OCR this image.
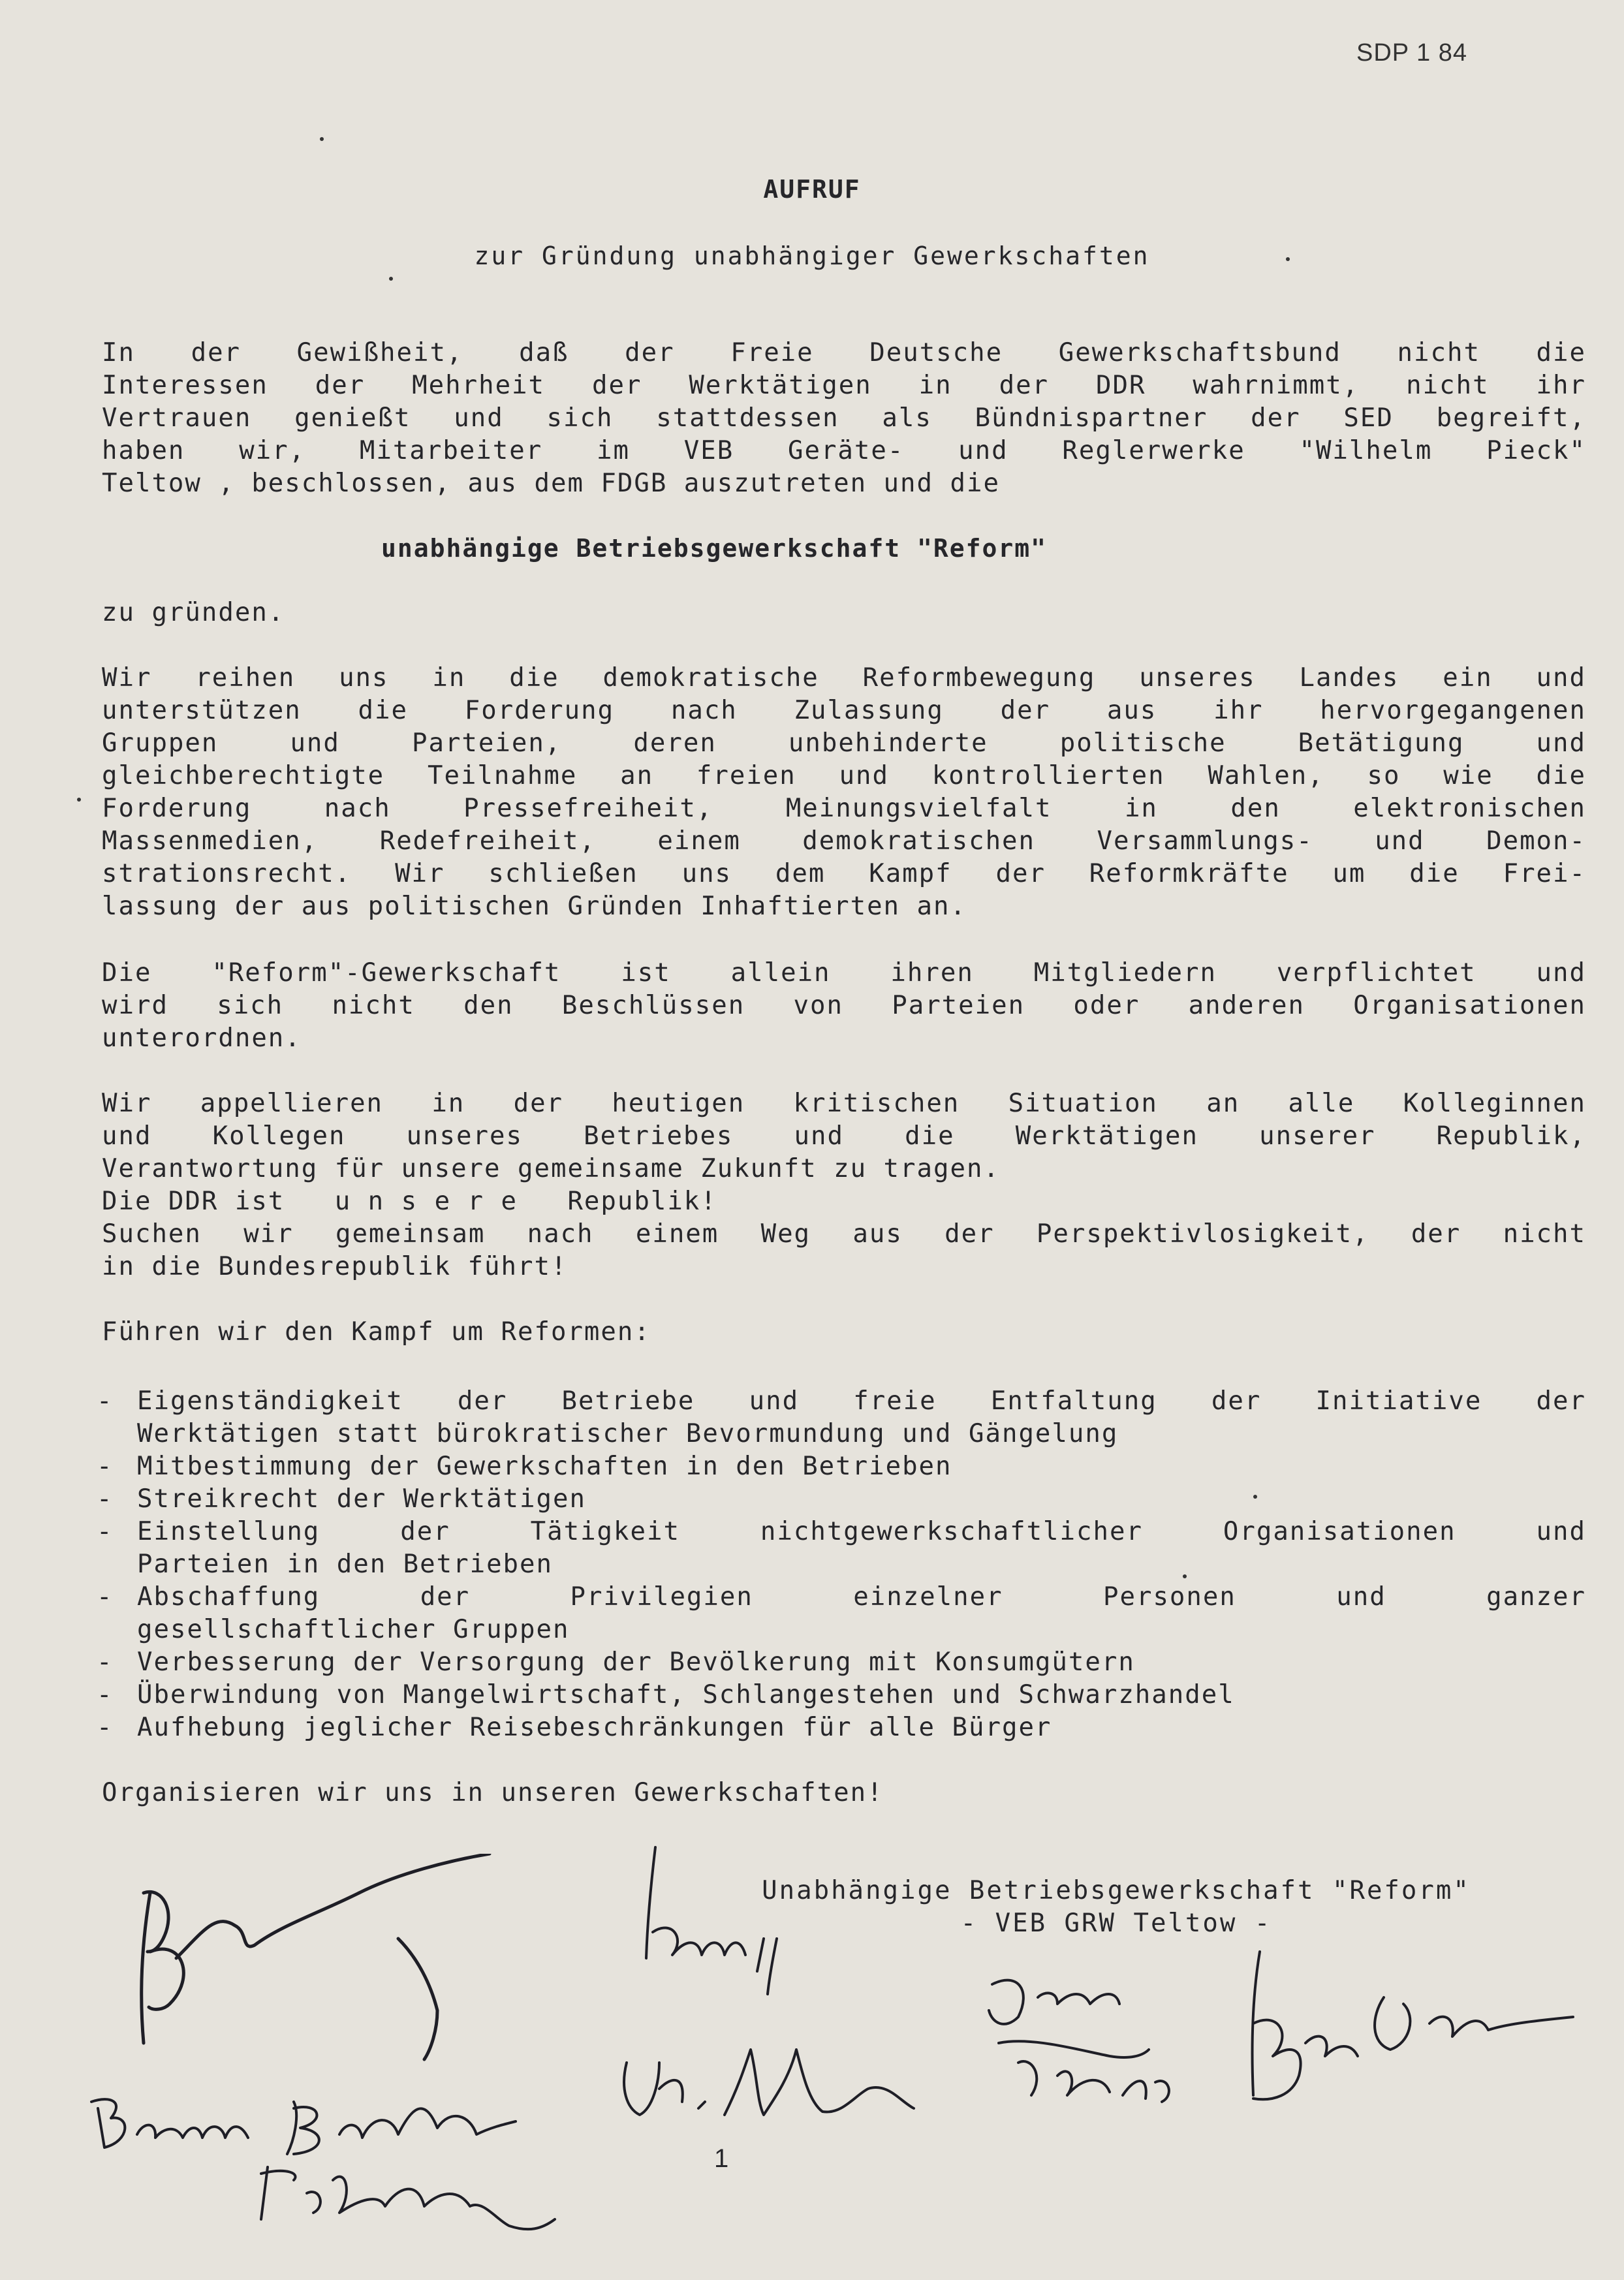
SDP 1 84
AUFRUF
zur Gründung unabhängiger Gewerkschaften
In der Gewißheit, daß der Freie Deutsche Gewerkschaftsbund nicht die
Interessen der Mehrheit der Werktätigen in der DDR wahrnimmt, nicht ihr
Vertrauen genießt und sich stattdessen als Bündnispartner der SED begreift,
haben wir, Mitarbeiter im VEB Geräte- und Reglerwerke "Wilhelm Pieck"
Teltow , beschlossen, aus dem FDGB auszutreten und die
unabhängige Betriebsgewerkschaft "Reform"
zu gründen.
Wir reihen uns in die demokratische Reformbewegung unseres Landes ein und
unterstützen die Forderung nach Zulassung der aus ihr hervorgegangenen
Gruppen und Parteien, deren unbehinderte politische Betätigung und
gleichberechtigte Teilnahme an freien und kontrollierten Wahlen, so wie die
Forderung nach Pressefreiheit, Meinungsvielfalt in den elektronischen
Massenmedien, Redefreiheit, einem demokratischen Versammlungs- und Demon-
strationsrecht. Wir schließen uns dem Kampf der Reformkräfte um die Frei-
lassung der aus politischen Gründen Inhaftierten an.
Die "Reform"-Gewerkschaft ist allein ihren Mitgliedern verpflichtet und
wird sich nicht den Beschlüssen von Parteien oder anderen Organisationen
unterordnen.
Wir appellieren in der heutigen kritischen Situation an alle Kolleginnen
und Kollegen unseres Betriebes und die Werktätigen unserer Republik,
Verantwortung für unsere gemeinsame Zukunft zu tragen.
Die DDR ist   u n s e r e   Republik!
Suchen wir gemeinsam nach einem Weg aus der Perspektivlosigkeit, der nicht
in die Bundesrepublik führt!
Führen wir den Kampf um Reformen:
- Eigenständigkeit der Betriebe und freie Entfaltung der Initiative der
Werktätigen statt bürokratischer Bevormundung und Gängelung
- Mitbestimmung der Gewerkschaften in den Betrieben
- Streikrecht der Werktätigen
- Einstellung der Tätigkeit nichtgewerkschaftlicher Organisationen und
Parteien in den Betrieben
- Abschaffung der Privilegien einzelner Personen und ganzer
gesellschaftlicher Gruppen
- Verbesserung der Versorgung der Bevölkerung mit Konsumgütern
- Überwindung von Mangelwirtschaft, Schlangestehen und Schwarzhandel
- Aufhebung jeglicher Reisebeschränkungen für alle Bürger
Organisieren wir uns in unseren Gewerkschaften!
Unabhängige Betriebsgewerkschaft "Reform"
- VEB GRW Teltow -
1
